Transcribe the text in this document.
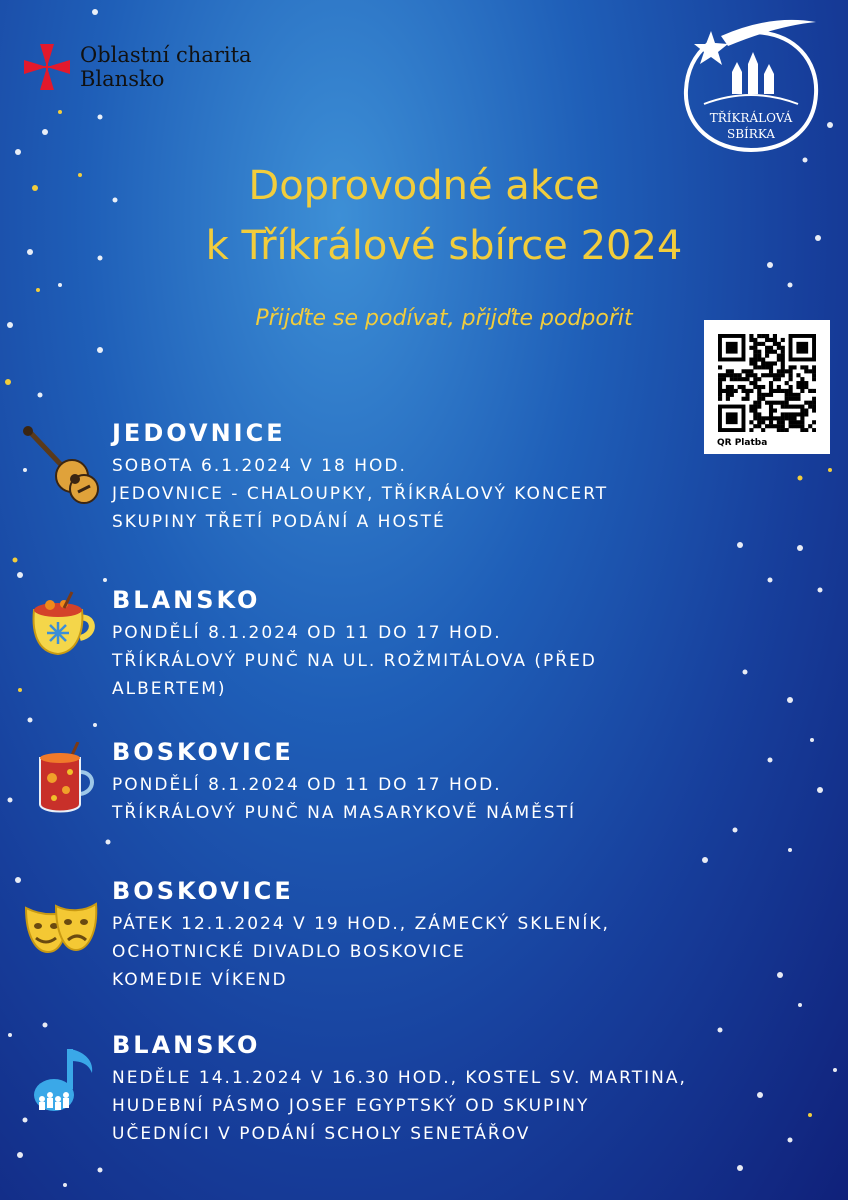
Oblastní charita
Blansko
TŘÍKRÁLOVÁ
SBÍRKA
Doprovodné akce
k Tříkrálové sbírce 2024
Přijďte se podívat, přijďte podpořit
QR Platba
JEDOVNICE
SOBOTA 6.1.2024 V 18 HOD.
JEDOVNICE - CHALOUPKY, TŘÍKRÁLOVÝ KONCERT
SKUPINY TŘETÍ PODÁNÍ A HOSTÉ
BLANSKO
PONDĚLÍ 8.1.2024 OD 11 DO 17 HOD.
TŘÍKRÁLOVÝ PUNČ NA UL. ROŽMITÁLOVA (PŘED
ALBERTEM)
BOSKOVICE
PONDĚLÍ 8.1.2024 OD 11 DO 17 HOD.
TŘÍKRÁLOVÝ PUNČ NA MASARYKOVĚ NÁMĚSTÍ
BOSKOVICE
PÁTEK 12.1.2024 V 19 HOD., ZÁMECKÝ SKLENÍK,
OCHOTNICKÉ DIVADLO BOSKOVICE
KOMEDIE VÍKEND
BLANSKO
NEDĚLE 14.1.2024 V 16.30 HOD., KOSTEL SV. MARTINA,
HUDEBNÍ PÁSMO JOSEF EGYPTSKÝ OD SKUPINY
UČEDNÍCI V PODÁNÍ SCHOLY SENETÁŘOV
